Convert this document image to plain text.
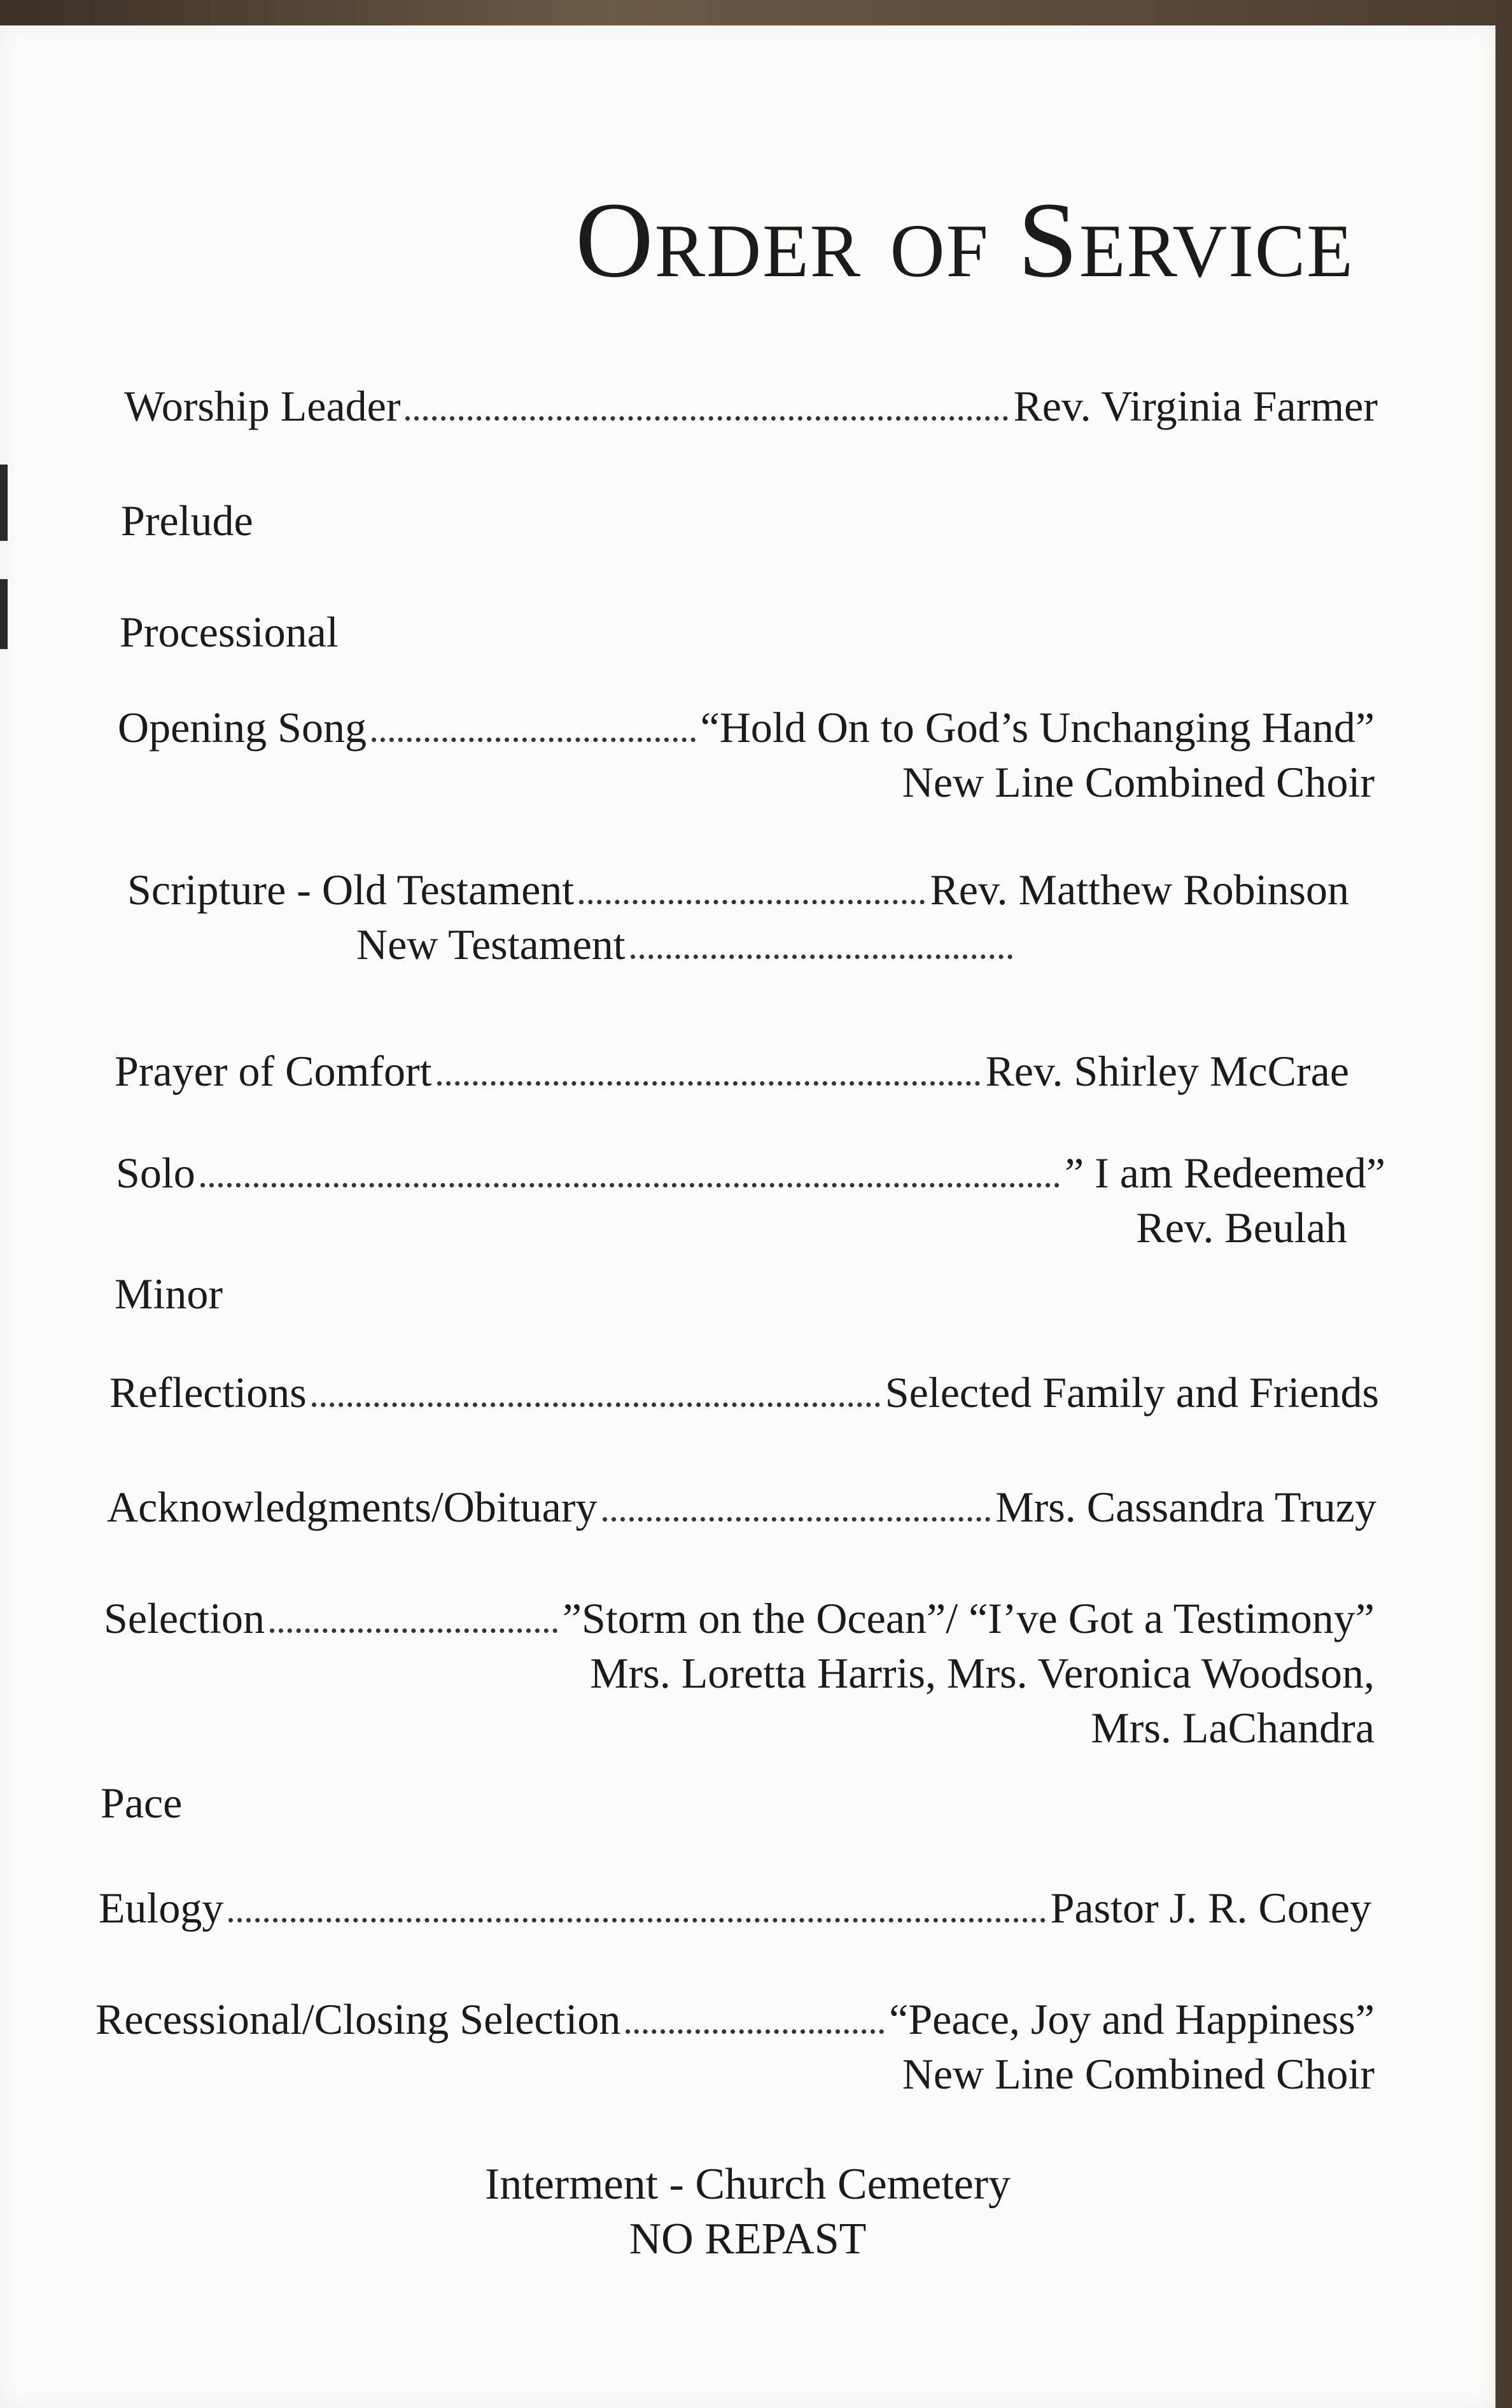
Order of Service
Worship Leader	Rev. Virginia Farmer
Prelude
Processional
Opening Song	“Hold On to God’s Unchanging Hand”
New Line Combined Choir
Scripture - Old Testament	Rev. Matthew Robinson
New Testament
Prayer of Comfort	Rev. Shirley McCrae
Solo	” I am Redeemed”
Rev. Beulah
Minor
Reflections	Selected Family and Friends
Acknowledgments/Obituary	Mrs. Cassandra Truzy
Selection	”Storm on the Ocean”/ “I’ve Got a Testimony”
Mrs. Loretta Harris, Mrs. Veronica Woodson,
Mrs. LaChandra
Pace
Eulogy	Pastor J. R. Coney
Recessional/Closing Selection	“Peace, Joy and Happiness”
New Line Combined Choir
Interment - Church Cemetery
NO REPAST
